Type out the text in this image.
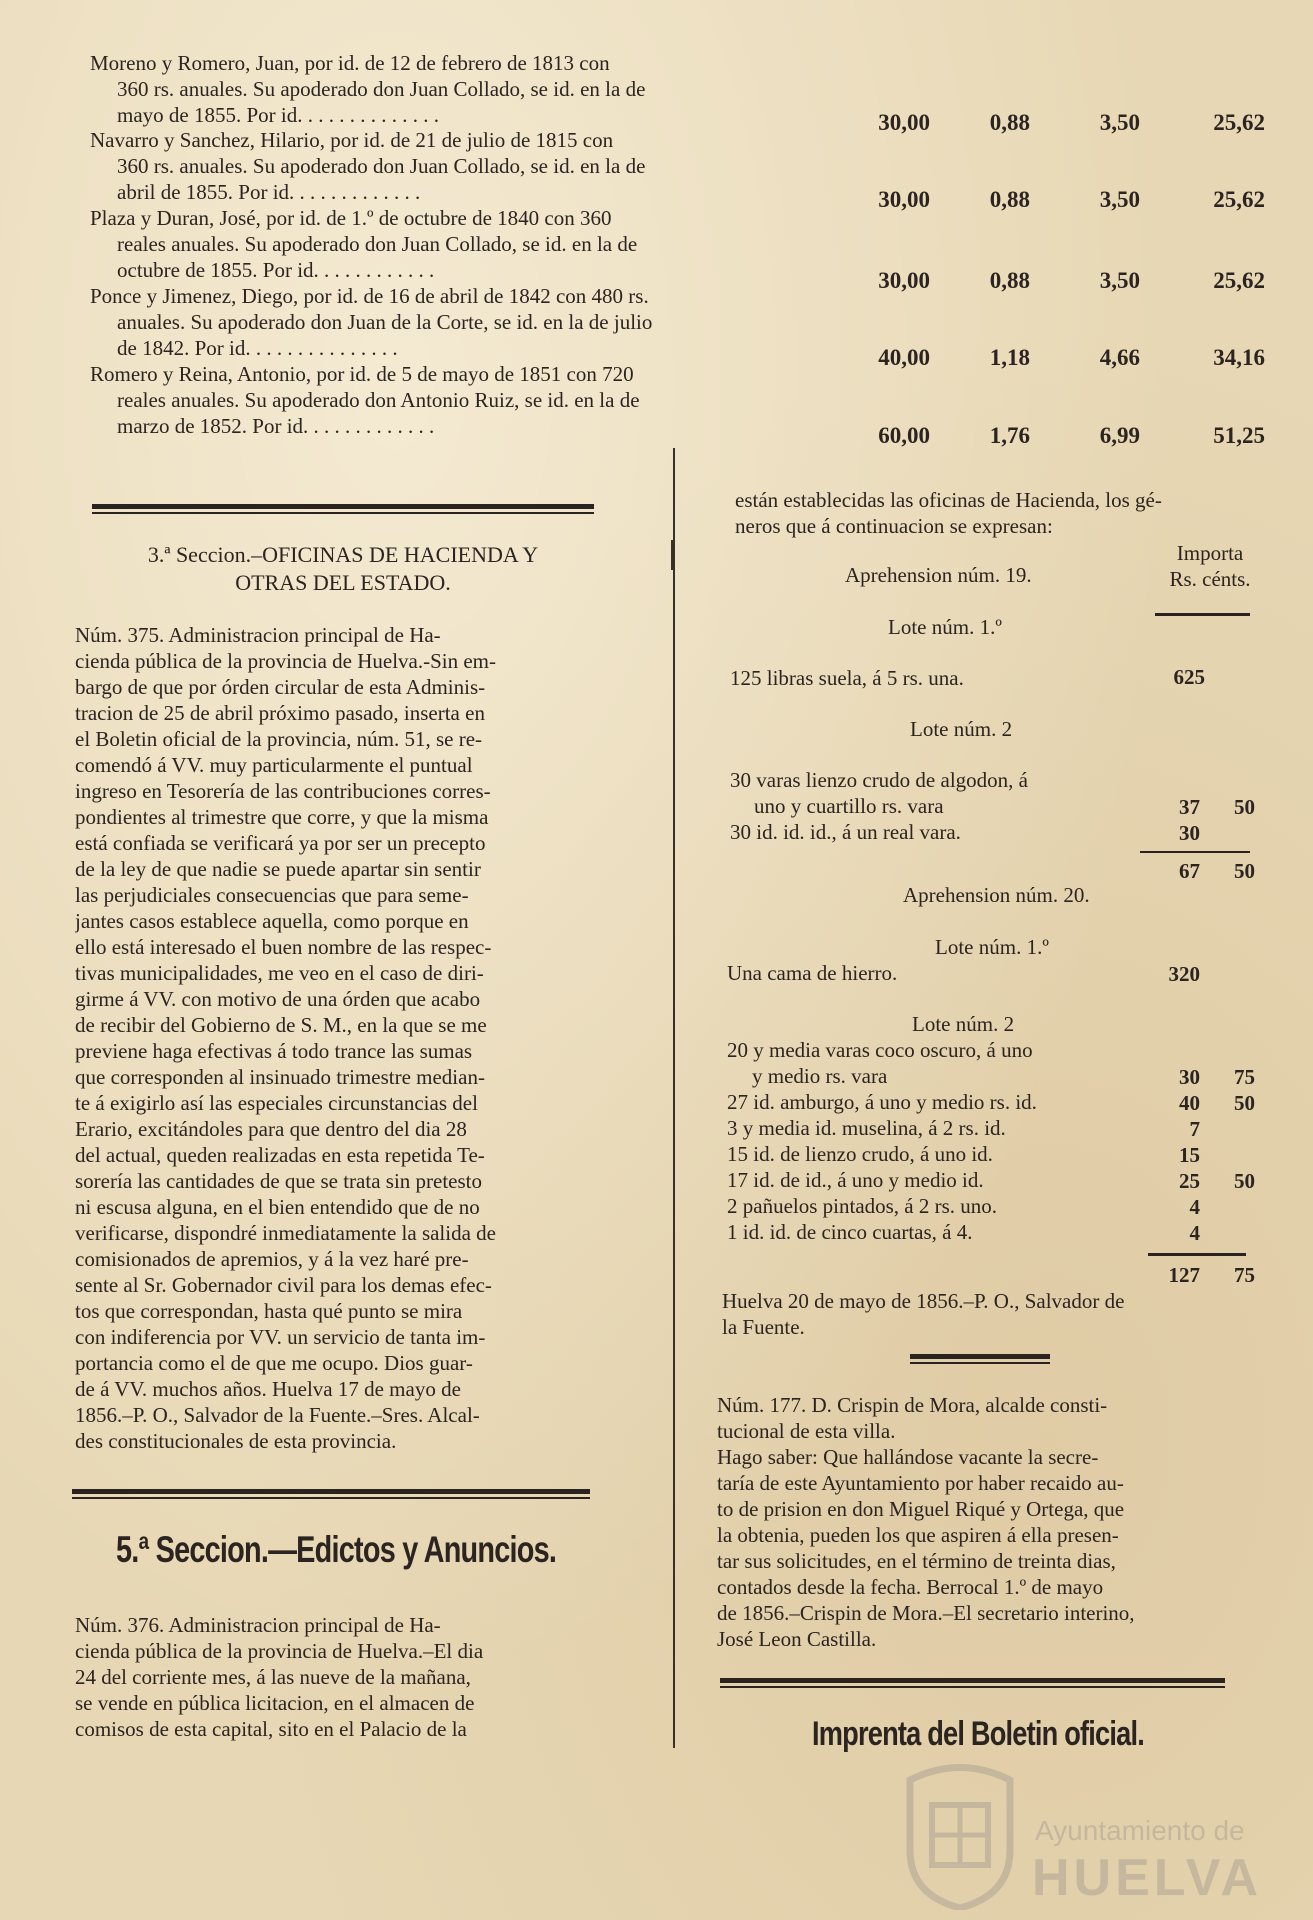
Moreno y Romero, Juan, por id. de 12 de febrero de 1813 con
360 rs. anuales. Su apoderado don Juan Collado, se id. en la de
mayo de 1855. Por id. . . . . . . . . . . . . .	30,00	0,88	3,50	25,62
Navarro y Sanchez, Hilario, por id. de 21 de julio de 1815 con
360 rs. anuales. Su apoderado don Juan Collado, se id. en la de
abril de 1855. Por id. . . . . . . . . . . . .	30,00	0,88	3,50	25,62
Plaza y Duran, José, por id. de 1.º de octubre de 1840 con 360
reales anuales. Su apoderado don Juan Collado, se id. en la de
octubre de 1855. Por id. . . . . . . . . . . .	30,00	0,88	3,50	25,62
Ponce y Jimenez, Diego, por id. de 16 de abril de 1842 con 480 rs.
anuales. Su apoderado don Juan de la Corte, se id. en la de julio
de 1842. Por id. . . . . . . . . . . . . . .	40,00	1,18	4,66	34,16
Romero y Reina, Antonio, por id. de 5 de mayo de 1851 con 720
reales anuales. Su apoderado don Antonio Ruiz, se id. en la de
marzo de 1852. Por id. . . . . . . . . . . . .	60,00	1,76	6,99	51,25
3.ª Seccion.–OFICINAS DE HACIENDA Y
OTRAS DEL ESTADO.
Núm. 375. Administracion principal de Ha-
cienda pública de la provincia de Huelva.-Sin em-
bargo de que por órden circular de esta Adminis-
tracion de 25 de abril próximo pasado, inserta en
el Boletin oficial de la provincia, núm. 51, se re-
comendó á VV. muy particularmente el puntual
ingreso en Tesorería de las contribuciones corres-
pondientes al trimestre que corre, y que la misma
está confiada se verificará ya por ser un precepto
de la ley de que nadie se puede apartar sin sentir
las perjudiciales consecuencias que para seme-
jantes casos establece aquella, como porque en
ello está interesado el buen nombre de las respec-
tivas municipalidades, me veo en el caso de diri-
girme á VV. con motivo de una órden que acabo
de recibir del Gobierno de S. M., en la que se me
previene haga efectivas á todo trance las sumas
que corresponden al insinuado trimestre median-
te á exigirlo así las especiales circunstancias del
Erario, excitándoles para que dentro del dia 28
del actual, queden realizadas en esta repetida Te-
sorería las cantidades de que se trata sin pretesto
ni escusa alguna, en el bien entendido que de no
verificarse, dispondré inmediatamente la salida de
comisionados de apremios, y á la vez haré pre-
sente al Sr. Gobernador civil para los demas efec-
tos que correspondan, hasta qué punto se mira
con indiferencia por VV. un servicio de tanta im-
portancia como el de que me ocupo. Dios guar-
de á VV. muchos años. Huelva 17 de mayo de
1856.–P. O., Salvador de la Fuente.–Sres. Alcal-
des constitucionales de esta provincia.
5.ª Seccion.—Edictos y Anuncios.
Núm. 376. Administracion principal de Ha-
cienda pública de la provincia de Huelva.–El dia
24 del corriente mes, á las nueve de la mañana,
se vende en pública licitacion, en el almacen de
comisos de esta capital, sito en el Palacio de la
están establecidas las oficinas de Hacienda, los gé-
neros que á continuacion se expresan:
Importa
Rs. cénts.
Aprehension núm. 19.
Lote núm. 1.º
125 libras suela, á 5 rs. una.	625
Lote núm. 2
30 varas lienzo crudo de algodon, á
uno y cuartillo rs. vara	37	50
30 id. id. id., á un real vara.	30
67	50
Aprehension núm. 20.
Lote núm. 1.º
Una cama de hierro.	320
Lote núm. 2
20 y media varas coco oscuro, á uno
y medio rs. vara	30	75
27 id. amburgo, á uno y medio rs. id.	40	50
3 y media id. muselina, á 2 rs. id.	7
15 id. de lienzo crudo, á uno id.	15
17 id. de id., á uno y medio id.	25	50
2 pañuelos pintados, á 2 rs. uno.	4
1 id. id. de cinco cuartas, á 4.	4
127	75
Huelva 20 de mayo de 1856.–P. O., Salvador de
la Fuente.
Núm. 177. D. Crispin de Mora, alcalde consti-
tucional de esta villa.
Hago saber: Que hallándose vacante la secre-
taría de este Ayuntamiento por haber recaido au-
to de prision en don Miguel Riqué y Ortega, que
la obtenia, pueden los que aspiren á ella presen-
tar sus solicitudes, en el término de treinta dias,
contados desde la fecha. Berrocal 1.º de mayo
de 1856.–Crispin de Mora.–El secretario interino,
José Leon Castilla.
Imprenta del Boletin oficial.
Ayuntamiento de
HUELVA
